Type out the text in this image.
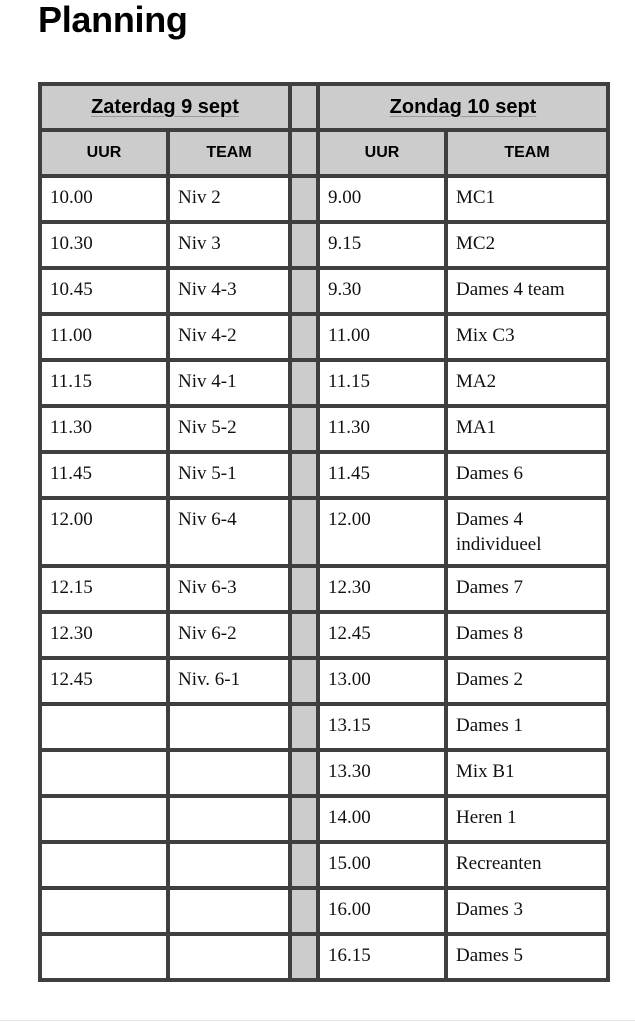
Planning
Zaterdag 9 sept			Zondag 10 sept	
UUR	TEAM		UUR	TEAM
10.00	Niv 2		9.00	MC1
10.30	Niv 3		9.15	MC2
10.45	Niv 4-3		9.30	Dames 4 team
11.00	Niv 4-2		11.00	Mix C3
11.15	Niv 4-1		11.15	MA2
11.30	Niv 5-2		11.30	MA1
11.45	Niv 5-1		11.45	Dames 6
12.00	Niv 6-4		12.00	Dames 4 individueel
12.15	Niv 6-3		12.30	Dames 7
12.30	Niv 6-2		12.45	Dames 8
12.45	Niv. 6-1		13.00	Dames 2
			13.15	Dames 1
			13.30	Mix B1
			14.00	Heren 1
			15.00	Recreanten
			16.00	Dames 3
			16.15	Dames 5
